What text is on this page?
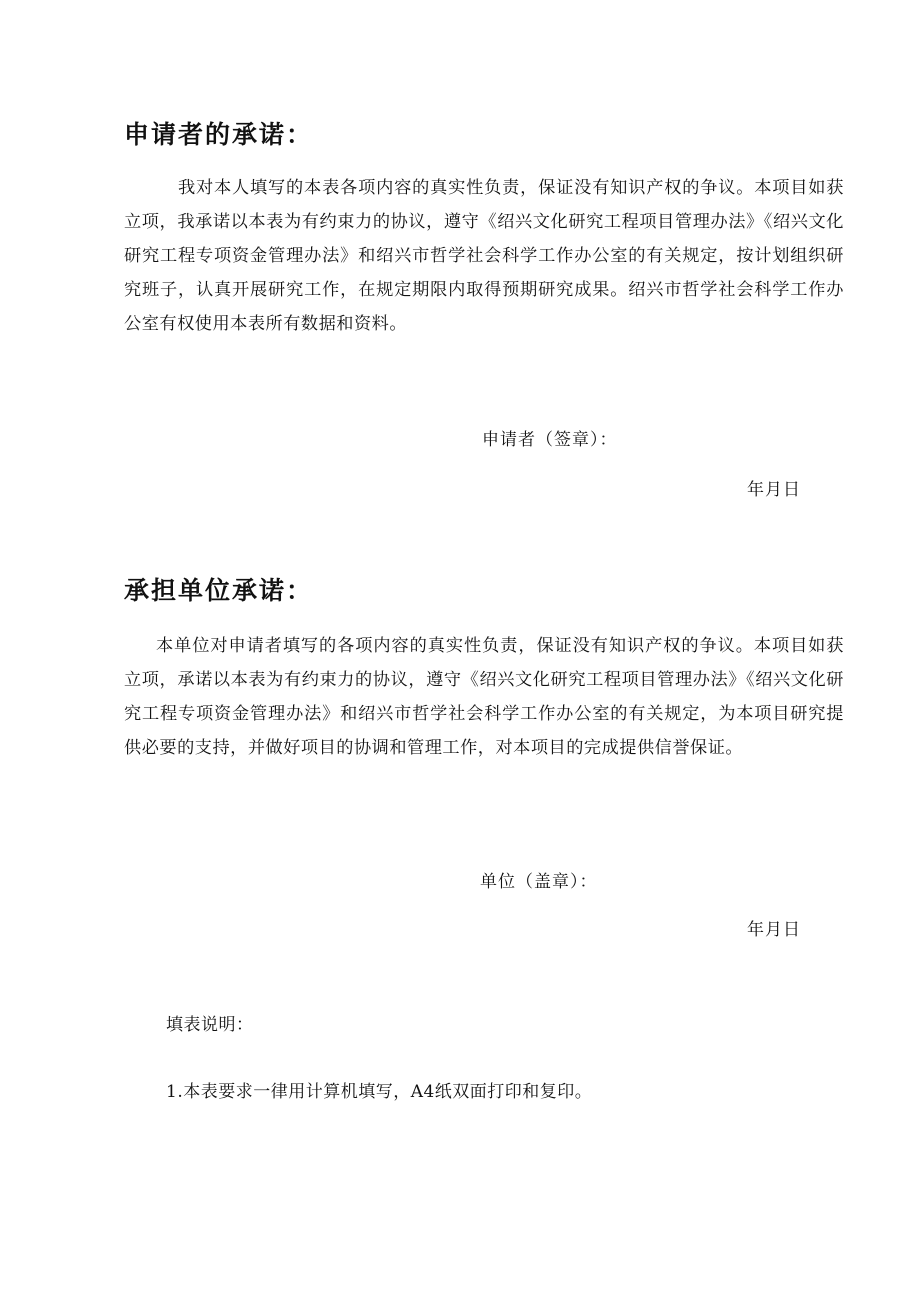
申请者的承诺：
我对本人填写的本表各项内容的真实性负责，保证没有知识产权的争议。本项目如获立项，我承诺以本表为有约束力的协议，遵守《绍兴文化研究工程项目管理办法》《绍兴文化研究工程专项资金管理办法》和绍兴市哲学社会科学工作办公室的有关规定，按计划组织研究班子，认真开展研究工作，在规定期限内取得预期研究成果。绍兴市哲学社会科学工作办公室有权使用本表所有数据和资料。
申请者（签章）：
年月日
承担单位承诺：
本单位对申请者填写的各项内容的真实性负责，保证没有知识产权的争议。本项目如获立项，承诺以本表为有约束力的协议，遵守《绍兴文化研究工程项目管理办法》《绍兴文化研究工程专项资金管理办法》和绍兴市哲学社会科学工作办公室的有关规定，为本项目研究提供必要的支持，并做好项目的协调和管理工作，对本项目的完成提供信誉保证。
单位（盖章）：
年月日
填表说明：
1.本表要求一律用计算机填写，A4纸双面打印和复印。
